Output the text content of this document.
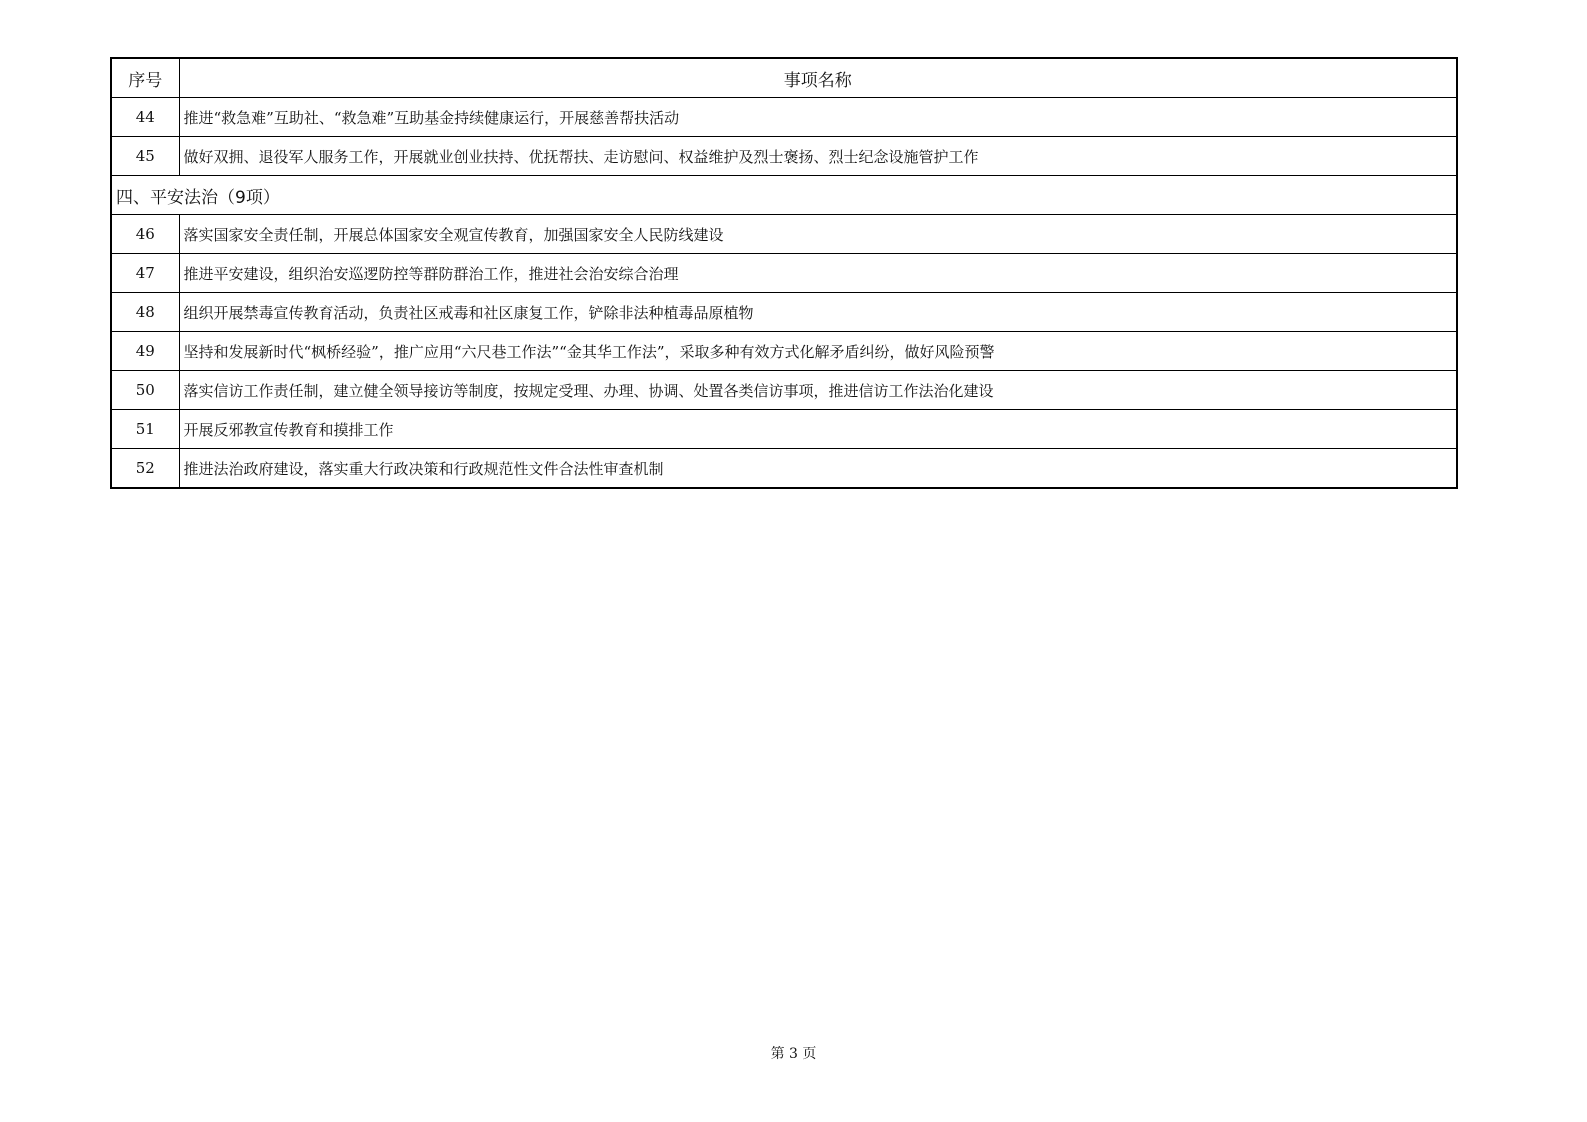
序号	事项名称
44	推进“救急难”互助社、“救急难”互助基金持续健康运行，开展慈善帮扶活动
45	做好双拥、退役军人服务工作，开展就业创业扶持、优抚帮扶、走访慰问、权益维护及烈士褒扬、烈士纪念设施管护工作
四、平安法治（9项）	
46	落实国家安全责任制，开展总体国家安全观宣传教育，加强国家安全人民防线建设
47	推进平安建设，组织治安巡逻防控等群防群治工作，推进社会治安综合治理
48	组织开展禁毒宣传教育活动，负责社区戒毒和社区康复工作，铲除非法种植毒品原植物
49	坚持和发展新时代“枫桥经验”，推广应用“六尺巷工作法”“金其华工作法”，采取多种有效方式化解矛盾纠纷，做好风险预警
50	落实信访工作责任制，建立健全领导接访等制度，按规定受理、办理、协调、处置各类信访事项，推进信访工作法治化建设
51	开展反邪教宣传教育和摸排工作
52	推进法治政府建设，落实重大行政决策和行政规范性文件合法性审查机制
第 3 页
